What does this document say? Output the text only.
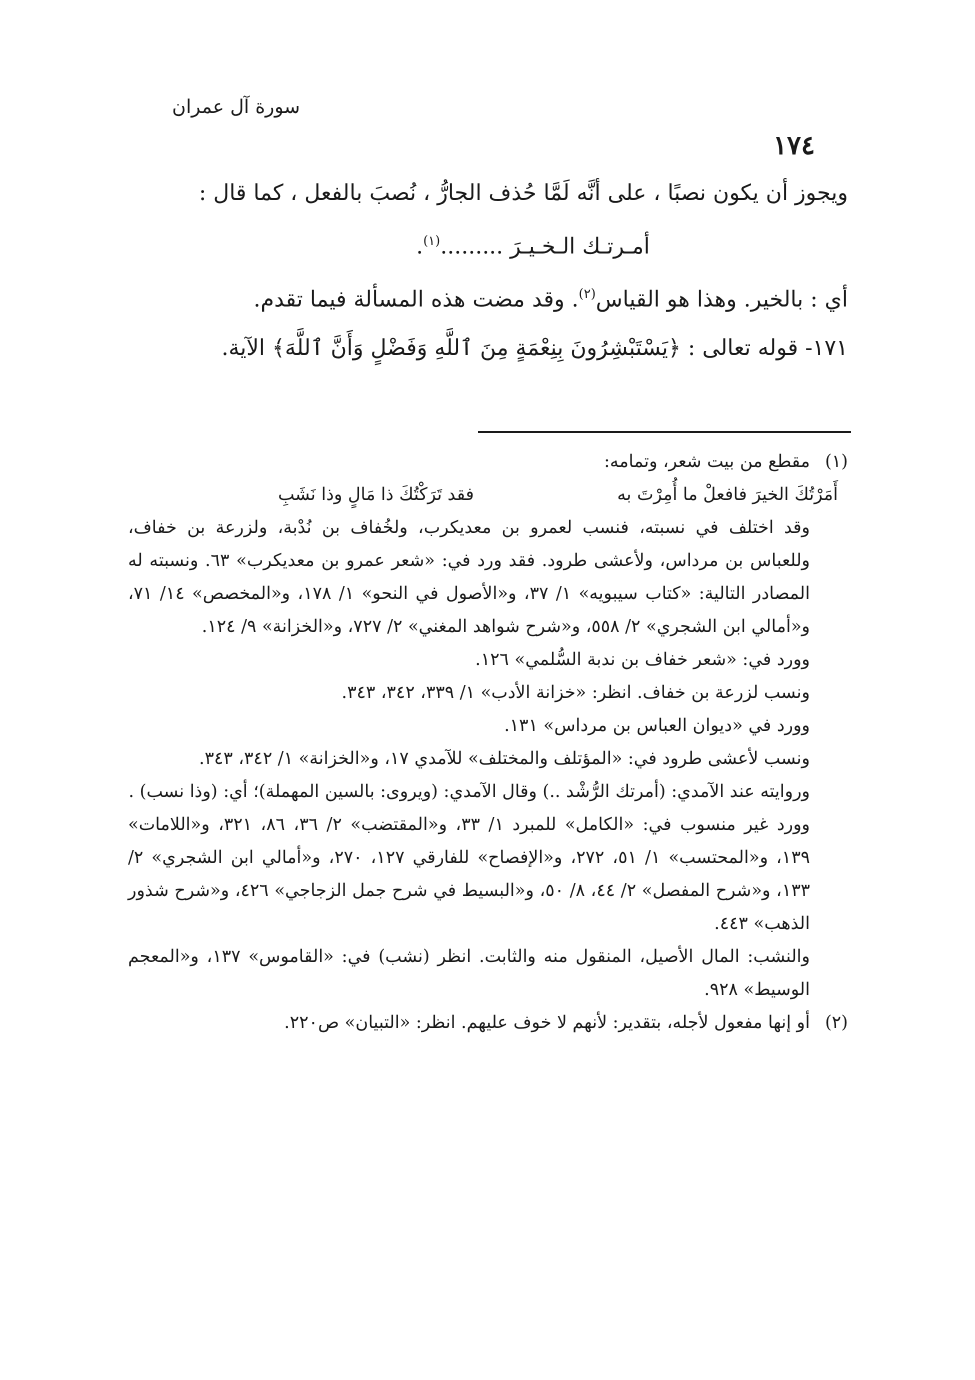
١٧٤
سورة آل عمران

ويجوز أن يكون نصبًا ، على أنَّه لَمَّا حُذف الجارُّ ، نُصبَ بالفعل ، كما قال :

أمـرتـك الـخـيـرَ .........$^{(١)}$.

أي : بالخير. وهذا هو القياس$^{(٢)}$. وقد مضت هذه المسألة فيما تقدم.

١٧١- قوله تعالى : ﴿يَسْتَبْشِرُونَ بِنِعْمَةٍ مِنَ ٱللَّهِ وَفَضْلٍ وَأَنَّ ٱللَّهَ﴾ الآية.

(١)
مقطع من بيت شعر، وتمامه:

أَمَرْتُكَ الخيرَ فافعلْ ما أُمِرْتَ به
فقد تَرَكْتُكَ ذا مَالٍ وذا نَشَبِ

وقد اختلف في نسبته، فنسب لعمرو بن معديكرب، ولخُفاف بن نُدْبة، ولزرعة بن خفاف، وللعباس بن مرداس، ولأعشى طرود. فقد ورد في: «شعر عمرو بن معديكرب» ٦٣. ونسبته له المصادر التالية: «كتاب سيبويه» ١/ ٣٧، و«الأصول في النحو» ١/ ١٧٨، و«المخصص» ١٤/ ٧١، و«أمالي ابن الشجري» ٢/ ٥٥٨، و«شرح شواهد المغني» ٢/ ٧٢٧، و«الخزانة» ٩/ ١٢٤.

وورد في: «شعر خفاف بن ندبة السُّلمي» ١٢٦.

ونسب لزرعة بن خفاف. انظر: «خزانة الأدب» ١/ ٣٣٩، ٣٤٢، ٣٤٣.

وورد في «ديوان العباس بن مرداس» ١٣١.

ونسب لأعشى طرود في: «المؤتلف والمختلف» للآمدي ١٧، و«الخزانة» ١/ ٣٤٢، ٣٤٣.

وروايته عند الآمدي: (أمرتك الرُّشْد ..) وقال الآمدي: (ويروى: بالسين المهملة)؛ أي: (وذا نسب) .

وورد غير منسوب في: «الكامل» للمبرد ١/ ٣٣، و«المقتضب» ٢/ ٣٦، ٨٦، ٣٢١، و«اللامات» ١٣٩، و«المحتسب» ١/ ٥١، ٢٧٢، و«الإفصاح» للفارقي ١٢٧، ٢٧٠، و«أمالي ابن الشجري» ٢/ ١٣٣، و«شرح المفصل» ٢/ ٤٤، ٨/ ٥٠، و«البسيط في شرح جمل الزجاجي» ٤٢٦، و«شرح شذور الذهب» ٤٤٣.

والنشب: المال الأصيل، المنقول منه والثابت. انظر (نشب) في: «القاموس» ١٣٧، و«المعجم الوسيط» ٩٢٨.

(٢)
أو إنها مفعول لأجله، بتقدير: لأنهم لا خوف عليهم. انظر: «التبيان» ص٢٢٠.
